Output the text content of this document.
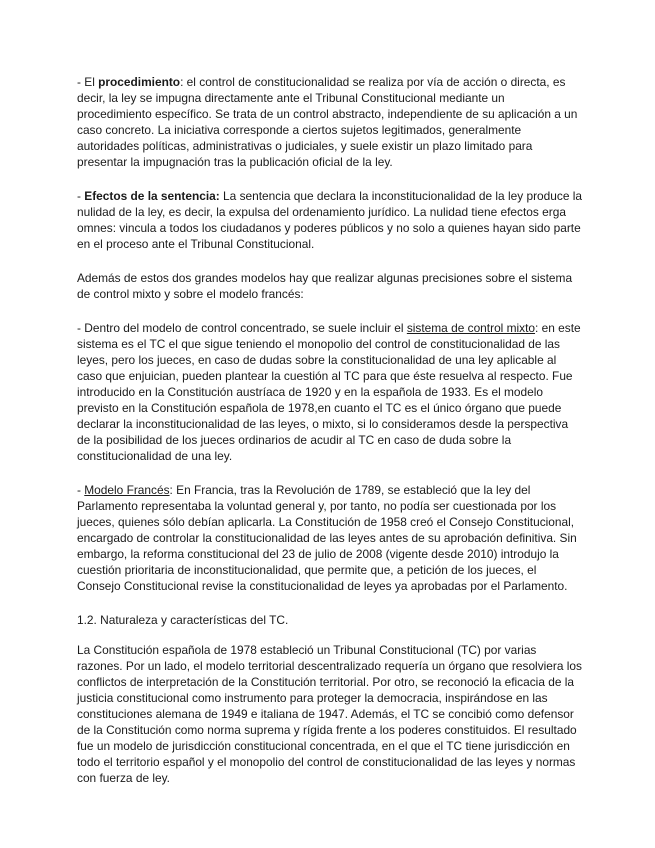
- El procedimiento: el control de constitucionalidad se realiza por vía de acción o directa, es decir, la ley se impugna directamente ante el Tribunal Constitucional mediante un procedimiento específico. Se trata de un control abstracto, independiente de su aplicación a un caso concreto. La iniciativa corresponde a ciertos sujetos legitimados, generalmente autoridades políticas, administrativas o judiciales, y suele existir un plazo limitado para presentar la impugnación tras la publicación oficial de la ley.

- Efectos de la sentencia: La sentencia que declara la inconstitucionalidad de la ley produce la nulidad de la ley, es decir, la expulsa del ordenamiento jurídico. La nulidad tiene efectos erga omnes: vincula a todos los ciudadanos y poderes públicos y no solo a quienes hayan sido parte en el proceso ante el Tribunal Constitucional.

Además de estos dos grandes modelos hay que realizar algunas precisiones sobre el sistema de control mixto y sobre el modelo francés:

- Dentro del modelo de control concentrado, se suele incluir el sistema de control mixto: en este sistema es el TC el que sigue teniendo el monopolio del control de constitucionalidad de las leyes, pero los jueces, en caso de dudas sobre la constitucionalidad de una ley aplicable al caso que enjuician, pueden plantear la cuestión al TC para que éste resuelva al respecto. Fue introducido en la Constitución austríaca de 1920 y en la española de 1933. Es el modelo previsto en la Constitución española de 1978,en cuanto el TC es el único órgano que puede declarar la inconstitucionalidad de las leyes, o mixto, si lo consideramos desde la perspectiva de la posibilidad de los jueces ordinarios de acudir al TC en caso de duda sobre la constitucionalidad de una ley.

- Modelo Francés: En Francia, tras la Revolución de 1789, se estableció que la ley del Parlamento representaba la voluntad general y, por tanto, no podía ser cuestionada por los jueces, quienes sólo debían aplicarla. La Constitución de 1958 creó el Consejo Constitucional, encargado de controlar la constitucionalidad de las leyes antes de su aprobación definitiva. Sin embargo, la reforma constitucional del 23 de julio de 2008 (vigente desde 2010) introdujo la cuestión prioritaria de inconstitucionalidad, que permite que, a petición de los jueces, el Consejo Constitucional revise la constitucionalidad de leyes ya aprobadas por el Parlamento.

1.2. Naturaleza y características del TC.

La Constitución española de 1978 estableció un Tribunal Constitucional (TC) por varias razones. Por un lado, el modelo territorial descentralizado requería un órgano que resolviera los conflictos de interpretación de la Constitución territorial. Por otro, se reconoció la eficacia de la justicia constitucional como instrumento para proteger la democracia, inspirándose en las constituciones alemana de 1949 e italiana de 1947. Además, el TC se concibió como defensor de la Constitución como norma suprema y rígida frente a los poderes constituidos. El resultado fue un modelo de jurisdicción constitucional concentrada, en el que el TC tiene jurisdicción en todo el territorio español y el monopolio del control de constitucionalidad de las leyes y normas con fuerza de ley.
